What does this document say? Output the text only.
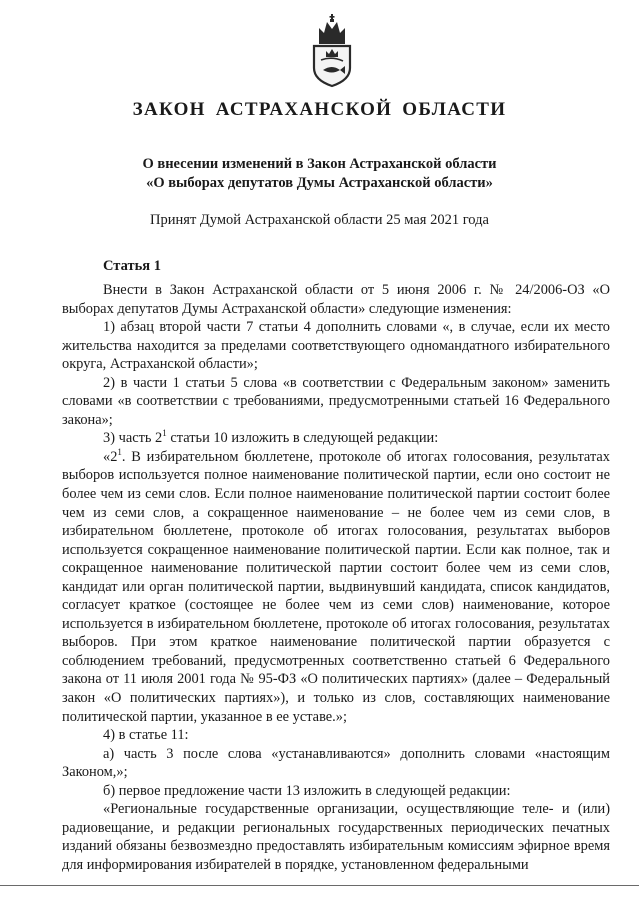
ЗАКОН АСТРАХАНСКОЙ ОБЛАСТИ
О внесении изменений в Закон Астраханской области
«О выборах депутатов Думы Астраханской области»
Принят Думой Астраханской области 25 мая 2021 года
Статья 1

Внести в Закон Астраханской области от 5 июня 2006 г. № 24/2006-ОЗ «О выборах депутатов Думы Астраханской области» следующие изменения:

1) абзац второй части 7 статьи 4 дополнить словами «, в случае, если их место жительства находится за пределами соответствующего одномандатного избирательного округа, Астраханской области»;

2) в части 1 статьи 5 слова «в соответствии с Федеральным законом» заменить словами «в соответствии с требованиями, предусмотренными статьей 16 Федерального закона»;

3) часть $2^1$ статьи 10 изложить в следующей редакции:

«$2^1$. В избирательном бюллетене, протоколе об итогах голосования, результатах выборов используется полное наименование политической партии, если оно состоит не более чем из семи слов. Если полное наименование политической партии состоит более чем из семи слов, а сокращенное наименование – не более чем из семи слов, в избирательном бюллетене, протоколе об итогах голосования, результатах выборов используется сокращенное наименование политической партии. Если как полное, так и сокращенное наименование политической партии состоит более чем из семи слов, кандидат или орган политической партии, выдвинувший кандидата, список кандидатов, согласует краткое (состоящее не более чем из семи слов) наименование, которое используется в избирательном бюллетене, протоколе об итогах голосования, результатах выборов. При этом краткое наименование политической партии образуется с соблюдением требований, предусмотренных соответственно статьей 6 Федерального закона от 11 июля 2001 года № 95-ФЗ «О политических партиях» (далее – Федеральный закон «О политических партиях»), и только из слов, составляющих наименование политической партии, указанное в ее уставе.»;

4) в статье 11:

а) часть 3 после слова «устанавливаются» дополнить словами «настоящим Законом,»;

б) первое предложение части 13 изложить в следующей редакции:

«Региональные государственные организации, осуществляющие теле- и (или) радиовещание, и редакции региональных государственных периодических печатных изданий обязаны безвозмездно предоставлять избирательным комиссиям эфирное время для информирования избирателей в порядке, установленном федеральными
